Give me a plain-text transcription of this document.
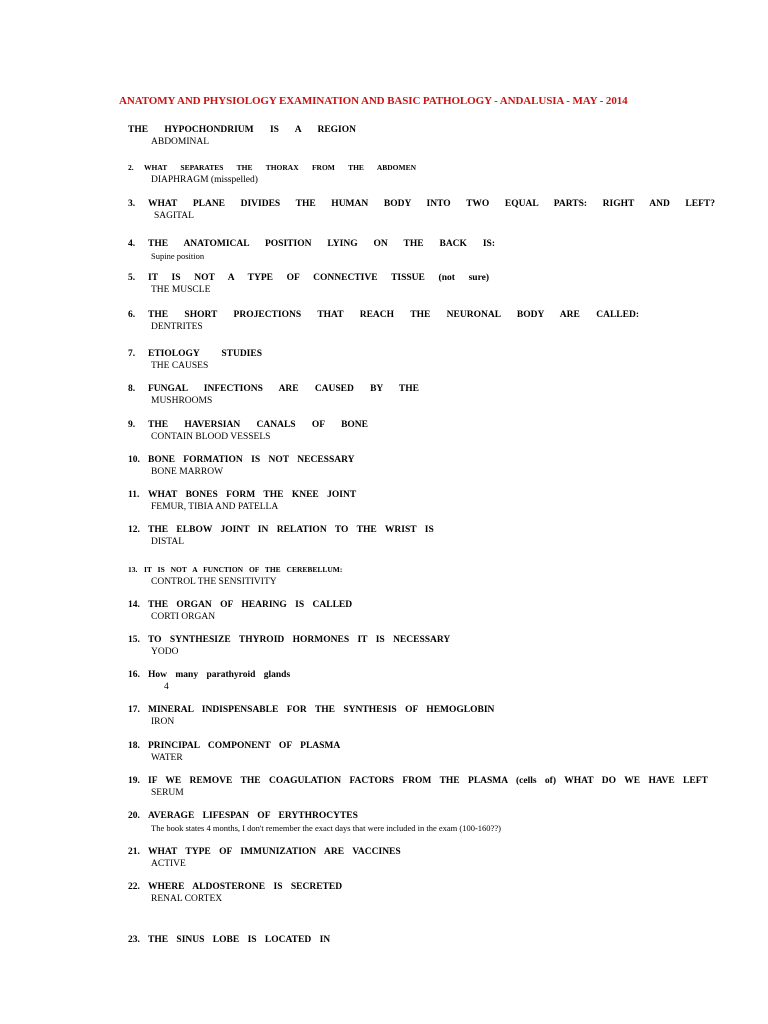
ANATOMY AND PHYSIOLOGY EXAMINATION AND BASIC PATHOLOGY - ANDALUSIA - MAY - 2014
THE HYPOCHONDRIUM IS A REGION
ABDOMINAL
2.	WHAT SEPARATES THE THORAX FROM THE ABDOMEN
DIAPHRAGM (misspelled)
3.	WHAT PLANE DIVIDES THE HUMAN BODY INTO TWO EQUAL PARTS: RIGHT AND LEFT?
SAGITAL
4.	THE ANATOMICAL POSITION LYING ON THE BACK IS:
Supine position
5.	IT IS NOT A TYPE OF CONNECTIVE TISSUE (not sure)
THE MUSCLE
6.	THE SHORT PROJECTIONS THAT REACH THE NEURONAL BODY ARE CALLED:
DENTRITES
7.	ETIOLOGY STUDIES
THE CAUSES
8.	FUNGAL INFECTIONS ARE CAUSED BY THE
MUSHROOMS
9.	THE HAVERSIAN CANALS OF BONE
CONTAIN BLOOD VESSELS
10. BONE FORMATION IS NOT NECESSARY
BONE MARROW
11. WHAT BONES FORM THE KNEE JOINT
FEMUR, TIBIA AND PATELLA
12. THE ELBOW JOINT IN RELATION TO THE WRIST IS
DISTAL
13. IT IS NOT A FUNCTION OF THE CEREBELLUM:
CONTROL THE SENSITIVITY
14. THE ORGAN OF HEARING IS CALLED
CORTI ORGAN
15. TO SYNTHESIZE THYROID HORMONES IT IS NECESSARY
YODO
16. How many parathyroid glands
4
17. MINERAL INDISPENSABLE FOR THE SYNTHESIS OF HEMOGLOBIN
IRON
18. PRINCIPAL COMPONENT OF PLASMA
WATER
19. IF WE REMOVE THE COAGULATION FACTORS FROM THE PLASMA (cells of) WHAT DO WE HAVE LEFT
SERUM
20. AVERAGE LIFESPAN OF ERYTHROCYTES
The book states 4 months, I don't remember the exact days that were included in the exam (100-160??)
21. WHAT TYPE OF IMMUNIZATION ARE VACCINES
ACTIVE
22. WHERE ALDOSTERONE IS SECRETED
RENAL CORTEX
23. THE SINUS LOBE IS LOCATED IN
